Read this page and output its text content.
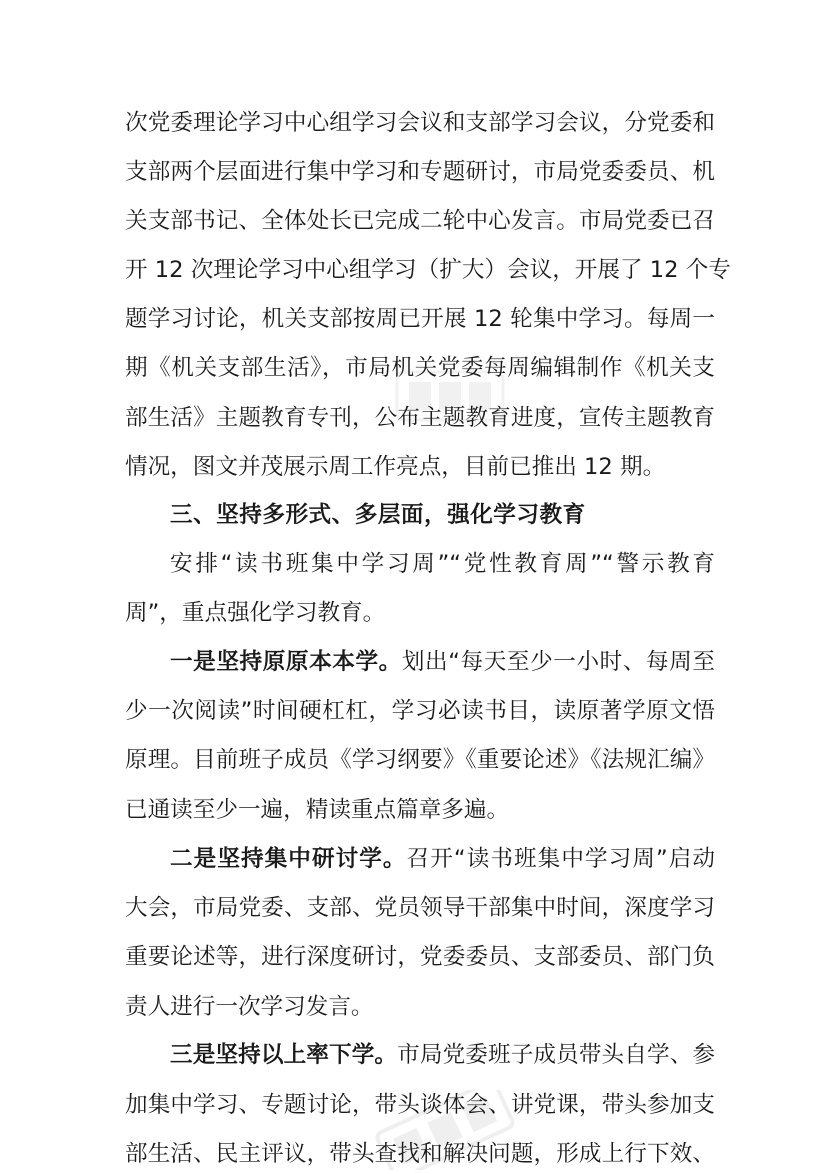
次党委理论学习中心组学习会议和支部学习会议，分党委和
支部两个层面进行集中学习和专题研讨，市局党委委员、机
关支部书记、全体处长已完成二轮中心发言。市局党委已召
开 12 次理论学习中心组学习（扩大）会议，开展了 12 个专
题学习讨论，机关支部按周已开展 12 轮集中学习。每周一
期《机关支部生活》，市局机关党委每周编辑制作《机关支
部生活》主题教育专刊，公布主题教育进度，宣传主题教育
情况，图文并茂展示周工作亮点，目前已推出 12 期。
三、坚持多形式、多层面，强化学习教育
安排“读书班集中学习周”“党性教育周”“警示教育
周”，重点强化学习教育。
一是坚持原原本本学。划出“每天至少一小时、每周至
少一次阅读”时间硬杠杠，学习必读书目，读原著学原文悟
原理。目前班子成员《学习纲要》《重要论述》《法规汇编》
已通读至少一遍，精读重点篇章多遍。
二是坚持集中研讨学。召开“读书班集中学习周”启动
大会，市局党委、支部、党员领导干部集中时间，深度学习
重要论述等，进行深度研讨，党委委员、支部委员、部门负
责人进行一次学习发言。
三是坚持以上率下学。市局党委班子成员带头自学、参
加集中学习、专题讨论，带头谈体会、讲党课，带头参加支
部生活、民主评议，带头查找和解决问题，形成上行下效、
